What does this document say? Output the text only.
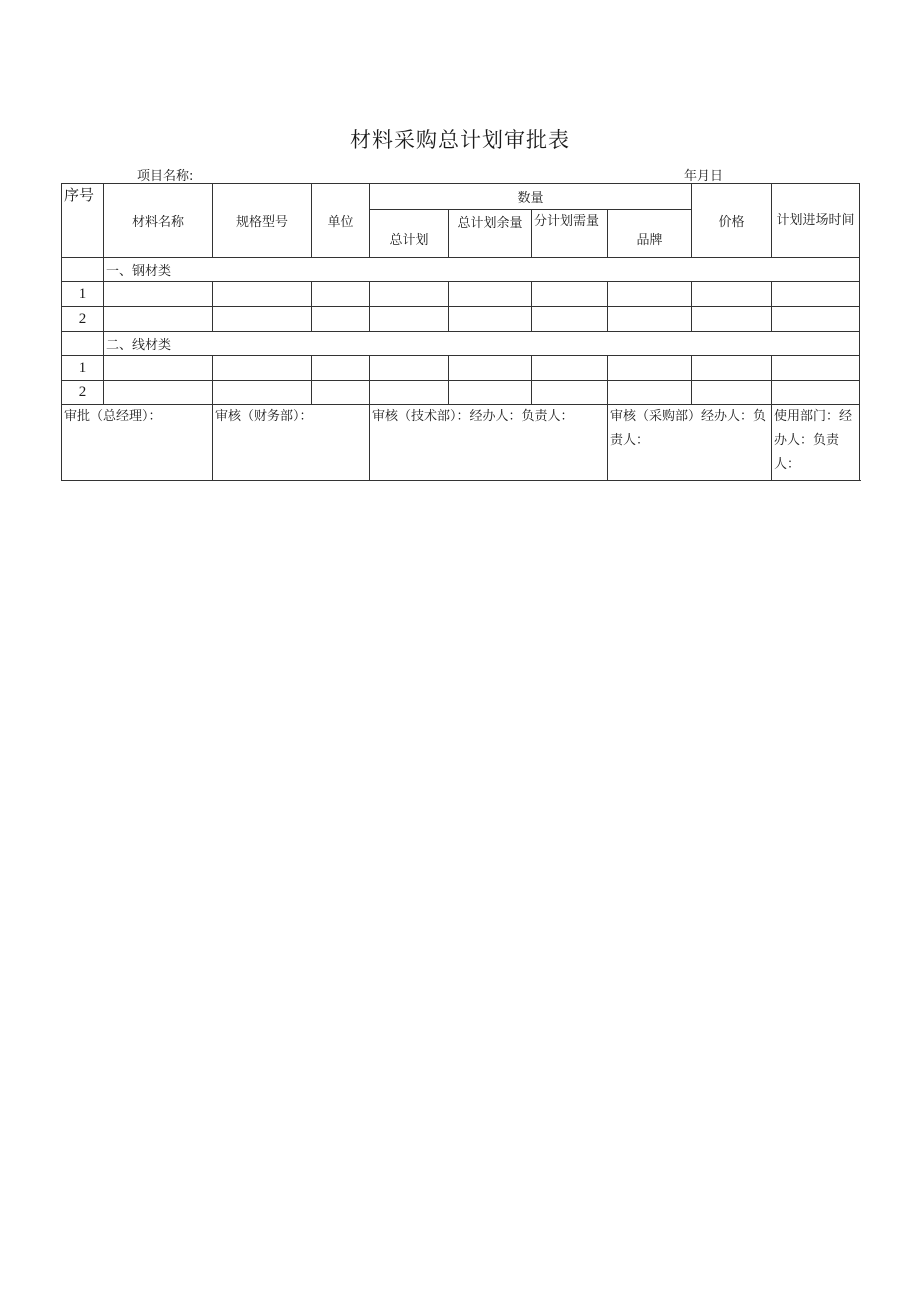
材料采购总计划审批表
项目名称:	年月日
序号	材料名称	规格型号	单位	数量				价格	计划进场时间
				总计划	总计划余量	分计划需量	品牌		

	一、钢材类								
1									
2									
	二、线材类								
1									
2									
审批（总经理）：		审核（财务部）：		审核（技术部）：经办人：负责人：			审核（采购部）经办人：负责人：		使用部门：经办人：负责人：
